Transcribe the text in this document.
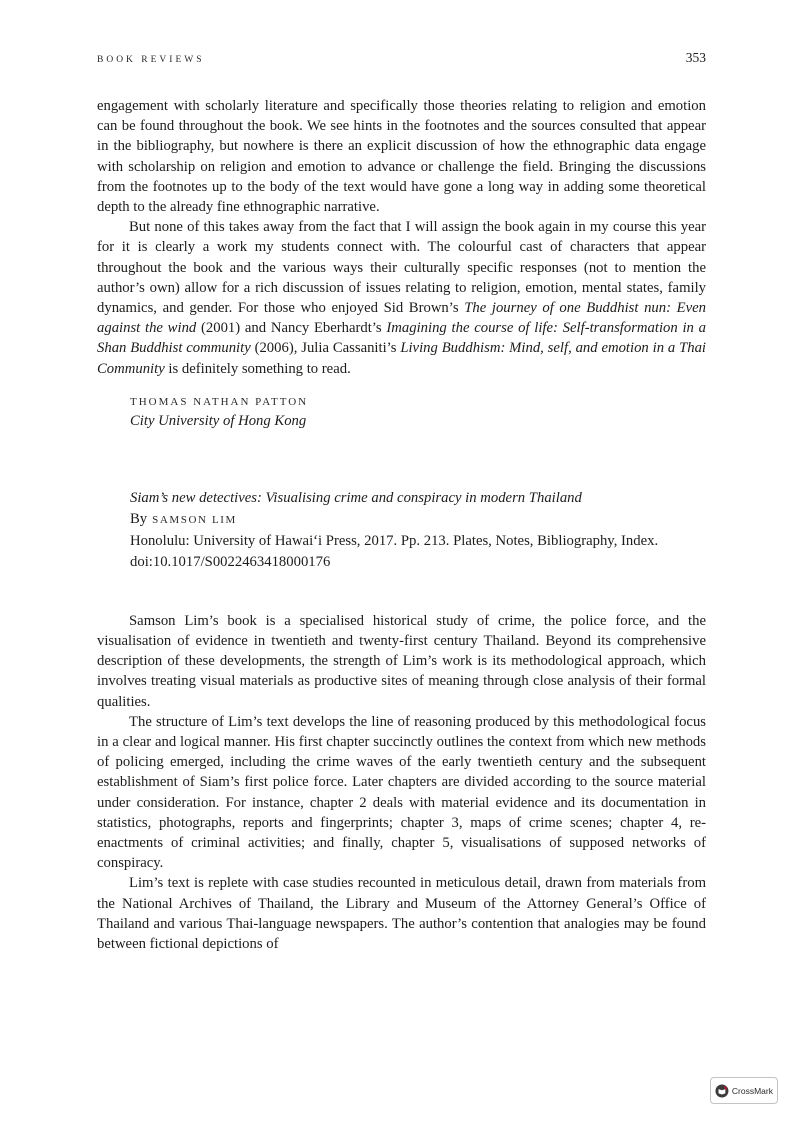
BOOK REVIEWS	353

engagement with scholarly literature and specifically those theories relating to religion and emotion can be found throughout the book. We see hints in the footnotes and the sources consulted that appear in the bibliography, but nowhere is there an explicit discussion of how the ethnographic data engage with scholarship on religion and emotion to advance or challenge the field. Bringing the discussions from the footnotes up to the body of the text would have gone a long way in adding some theoretical depth to the already fine ethnographic narrative.

But none of this takes away from the fact that I will assign the book again in my course this year for it is clearly a work my students connect with. The colourful cast of characters that appear throughout the book and the various ways their culturally specific responses (not to mention the author’s own) allow for a rich discussion of issues relating to religion, emotion, mental states, family dynamics, and gender. For those who enjoyed Sid Brown’s The journey of one Buddhist nun: Even against the wind (2001) and Nancy Eberhardt’s Imagining the course of life: Self-transformation in a Shan Buddhist community (2006), Julia Cassaniti’s Living Buddhism: Mind, self, and emotion in a Thai Community is definitely something to read.

THOMAS NATHAN PATTON
City University of Hong Kong

Siam’s new detectives: Visualising crime and conspiracy in modern Thailand

By SAMSON LIM

Honolulu: University of Hawai‘i Press, 2017. Pp. 213. Plates, Notes, Bibliography, Index.

doi:10.1017/S0022463418000176

Samson Lim’s book is a specialised historical study of crime, the police force, and the visualisation of evidence in twentieth and twenty-first century Thailand. Beyond its comprehensive description of these developments, the strength of Lim’s work is its methodological approach, which involves treating visual materials as productive sites of meaning through close analysis of their formal qualities.

The structure of Lim’s text develops the line of reasoning produced by this methodological focus in a clear and logical manner. His first chapter succinctly outlines the context from which new methods of policing emerged, including the crime waves of the early twentieth century and the subsequent establishment of Siam’s first police force. Later chapters are divided according to the source material under consideration. For instance, chapter 2 deals with material evidence and its documentation in statistics, photographs, reports and fingerprints; chapter 3, maps of crime scenes; chapter 4, re-enactments of criminal activities; and finally, chapter 5, visualisations of supposed networks of conspiracy.

Lim’s text is replete with case studies recounted in meticulous detail, drawn from materials from the National Archives of Thailand, the Library and Museum of the Attorney General’s Office of Thailand and various Thai-language newspapers. The author’s contention that analogies may be found between fictional depictions of

CrossMark
